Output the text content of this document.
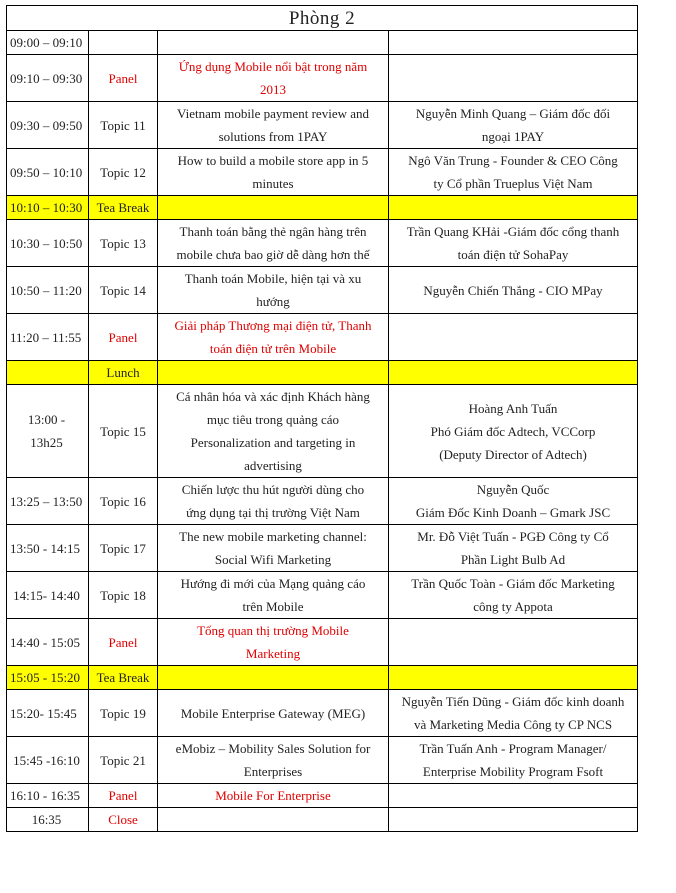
Phòng 2			

09:00 – 09:10			

09:10 – 09:30	Panel	Ứng dụng Mobile nổi bật trong năm
2013	

09:30 – 09:50	Topic 11	Vietnam mobile payment review and
solutions from 1PAY	Nguyễn Minh Quang – Giám đốc đối
ngoại 1PAY

09:50 – 10:10	Topic 12	How to build a mobile store app in 5
minutes	Ngô Văn Trung - Founder & CEO Công
ty Cổ phần Trueplus Việt Nam

10:10 – 10:30	Tea Break		

10:30 – 10:50	Topic 13	Thanh toán bằng thẻ ngân hàng trên
mobile chưa bao giờ dễ dàng hơn thế	Trần Quang KHải -Giám đốc cổng thanh
toán điện tử SohaPay

10:50 – 11:20	Topic 14	Thanh toán Mobile, hiện tại và xu
hướng	Nguyễn Chiến Thắng - CIO MPay

11:20 – 11:55	Panel	Giải pháp Thương mại điện tử, Thanh
toán điện tử trên Mobile	

	Lunch		

13:00 -
13h25	Topic 15	Cá nhân hóa và xác định Khách hàng
mục tiêu trong quảng cáo
Personalization and targeting in
advertising	Hoàng Anh Tuấn
Phó Giám đốc Adtech, VCCorp
(Deputy Director of Adtech)

13:25 – 13:50	Topic 16	Chiến lược thu hút người dùng cho
ứng dụng tại thị trường Việt Nam	Nguyễn Quốc
Giám Đốc Kinh Doanh – Gmark JSC

13:50 - 14:15	Topic 17	The new mobile marketing channel:
Social Wifi Marketing	Mr. Đỗ Việt Tuấn - PGĐ Công ty Cổ
Phần Light Bulb Ad

14:15- 14:40	Topic 18	Hướng đi mới của Mạng quảng cáo
trên Mobile	Trần Quốc Toàn - Giám đốc Marketing
công ty Appota

14:40 - 15:05	Panel	Tổng quan thị trường Mobile
Marketing	

15:05 - 15:20	Tea Break		

15:20- 15:45	Topic 19	Mobile Enterprise Gateway (MEG)	Nguyễn Tiến Dũng - Giám đốc kinh doanh
và Marketing Media Công ty CP NCS

15:45 -16:10	Topic 21	eMobiz – Mobility Sales Solution for
Enterprises	Trần Tuấn Anh - Program Manager/
Enterprise Mobility Program Fsoft

16:10 - 16:35	Panel	Mobile For Enterprise	

16:35	Close		
